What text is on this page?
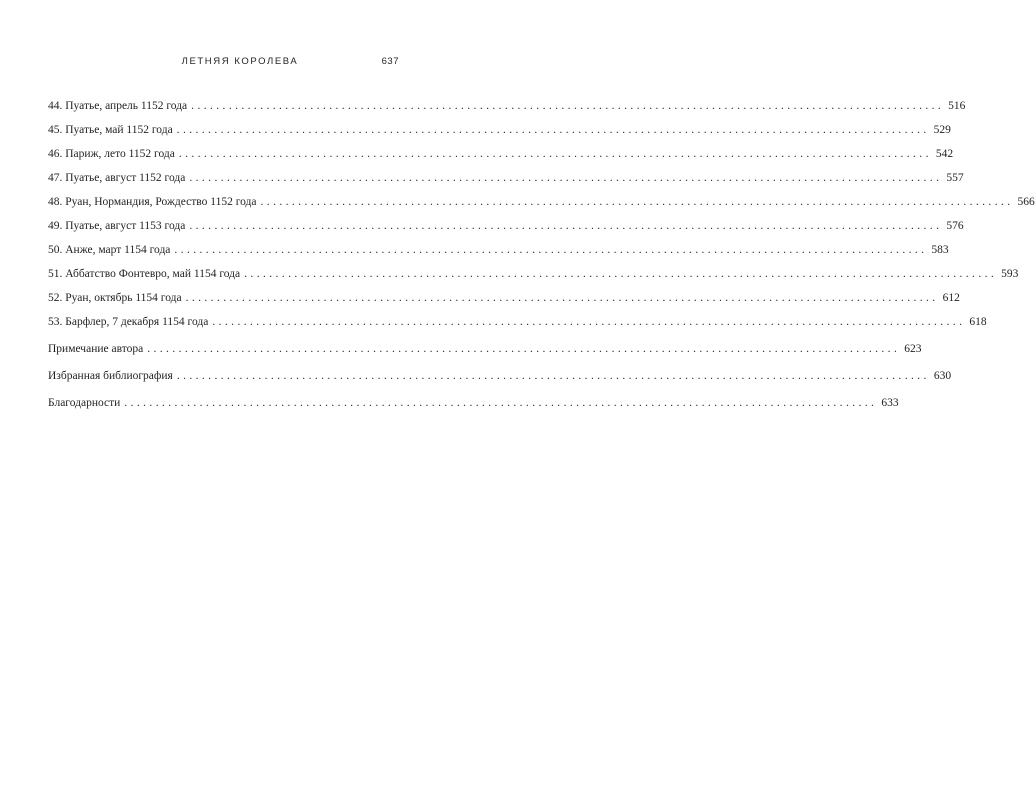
ЛЕТНЯЯ КОРОЛЕВА	637
44. Пуатье, апрель 1152 года ........................................................................................................................ 516
45. Пуатье, май 1152 года ........................................................................................................................ 529
46. Париж, лето 1152 года ........................................................................................................................ 542
47. Пуатье, август 1152 года ........................................................................................................................ 557
48. Руан, Нормандия, Рождество 1152 года ........................................................................................................................ 566
49. Пуатье, август 1153 года ........................................................................................................................ 576
50. Анже, март 1154 года ........................................................................................................................ 583
51. Аббатство Фонтевро, май 1154 года ........................................................................................................................ 593
52. Руан, октябрь 1154 года ........................................................................................................................ 612
53. Барфлер, 7 декабря 1154 года ........................................................................................................................ 618
Примечание автора ........................................................................................................................ 623
Избранная библиография ........................................................................................................................ 630
Благодарности ........................................................................................................................ 633
